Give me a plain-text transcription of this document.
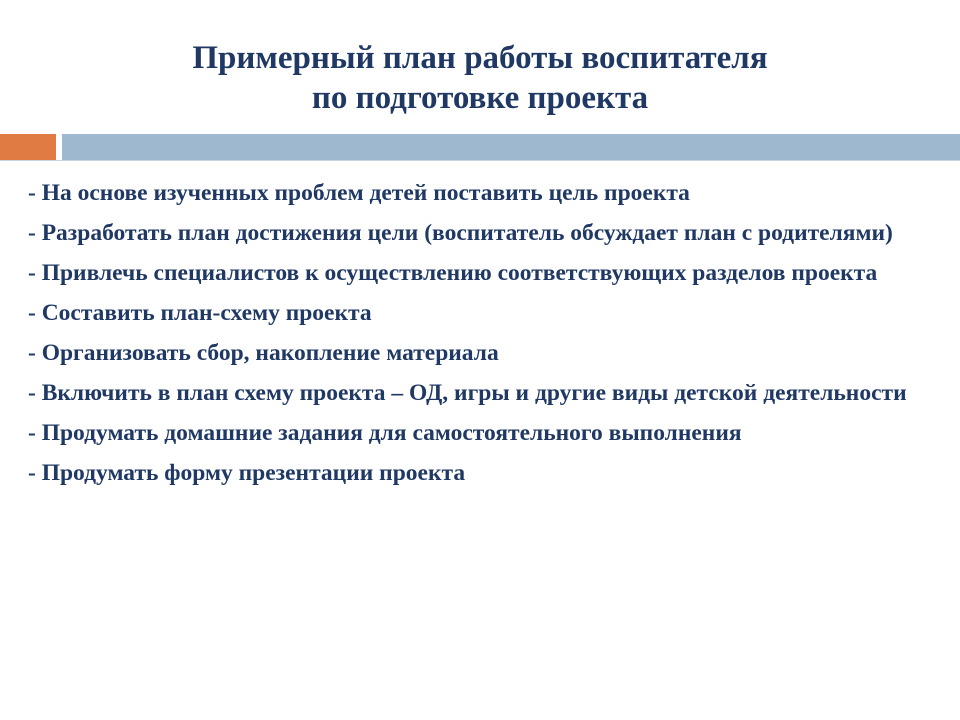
Примерный план работы воспитателя
по подготовке проекта
- На основе изученных проблем детей поставить цель проекта
- Разработать план достижения цели (воспитатель обсуждает план с родителями)
- Привлечь специалистов к осуществлению соответствующих разделов проекта
- Составить план-схему проекта
- Организовать сбор, накопление материала
- Включить в план схему проекта – ОД, игры и другие виды детской деятельности
- Продумать домашние задания для самостоятельного выполнения
- Продумать форму презентации проекта
